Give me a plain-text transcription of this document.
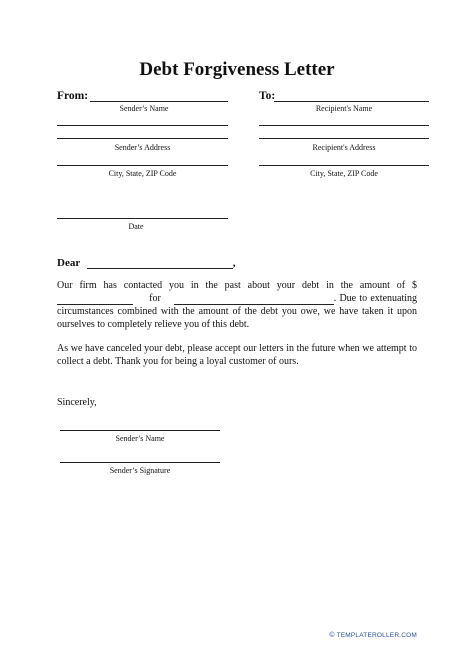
Debt Forgiveness Letter
From:
Sender’s Name
Sender’s Address
City, State, ZIP Code
To:
Recipient's Name
Recipient's Address
City, State, ZIP Code
Date
Dear	,
Our firm has contacted you in the past about your debt in the amount of $     for	. Due to extenuating circumstances combined with the amount of the debt you owe, we have taken it upon ourselves to completely relieve you of this debt.
As we have canceled your debt, please accept our letters in the future when we attempt to collect a debt. Thank you for being a loyal customer of ours.
Sincerely,
Sender’s Name
Sender’s Signature
© TEMPLATEROLLER.COM
